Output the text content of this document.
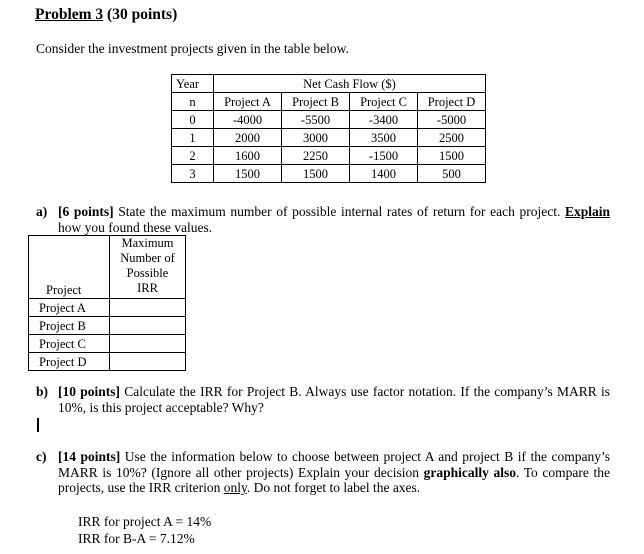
Problem 3 (30 points)
Consider the investment projects given in the table below.
Year	Net Cash Flow ($)			
n	Project A	Project B	Project C	Project D
0	-4000	-5500	-3400	-5000
1	2000	3000	3500	2500
2	1600	2250	-1500	1500
3	1500	1500	1400	500
a) [6 points] State the maximum number of possible internal rates of return for each project. Explain how you found these values.
Project	Maximum
Number of
Possible
IRR

Project A	
Project B	
Project C	
Project D	
b) [10 points] Calculate the IRR for Project B. Always use factor notation. If the company’s MARR is 10%, is this project acceptable? Why?
c) [14 points] Use the information below to choose between project A and project B if the company’s MARR is 10%? (Ignore all other projects) Explain your decision graphically also. To compare the projects, use the IRR criterion only. Do not forget to label the axes.
IRR for project A = 14%
IRR for B-A = 7.12%
